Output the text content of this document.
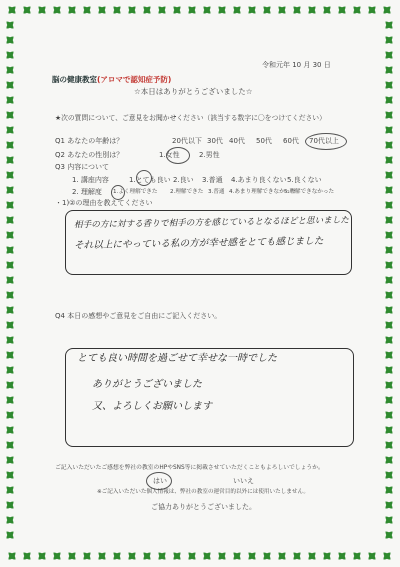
令和元年 10 月 30 日
脳の健康教室(アロマで認知症予防)
☆本日はありがとうございました☆
★次の質問について、ご意見をお聞かせください（該当する数字に〇をつけてください）
Q1 あなたの年齢は？	20代以下 30代 40代 50代 60代 70代以上
Q2 あなたの性別は？	1.女性	2.男性
Q3 内容について
1. 講座内容	1.とても良い 2.良い 3.普通 4.あまり良くない 5.良くない
2. 理解度 1.よく理解できた 2.理解できた 3.普通 4.あまり理解できなかった
5.理解できなかった
・1)②の理由を教えてください
相手の方に対する香りで相手の方を感じているとなるほどと思いました
それ以上にやっている私の方が幸せ感をとても感じました
Q4 本日の感想やご意見をご自由にご記入ください。
とても良い時間を過ごせて幸せな一時でした
ありがとうございました
又、よろしくお願いします
ご記入いただいたご感想を弊社の教室のHPやSNS等に掲載させていただくこともよろしいでしょうか。
はい	いいえ
※ご記入いただいた個人情報は、弊社の教室の運営目的以外には使用いたしません。
ご協力ありがとうございました。
